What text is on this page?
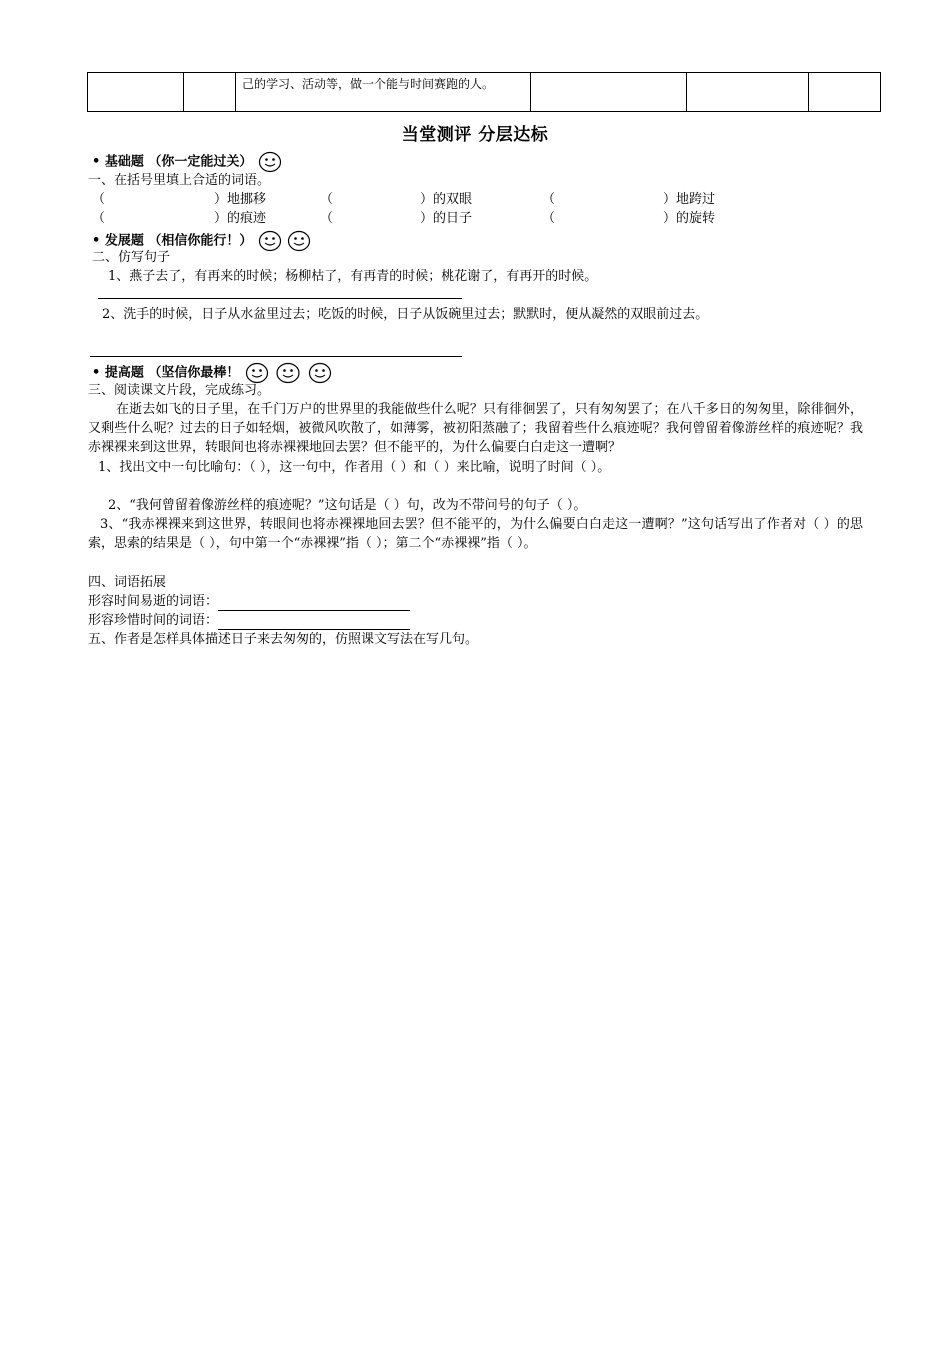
		己的学习、活动等，做一个能与时间赛跑的人。			
当堂测评 分层达标
• 基础题 （你一定能过关）
一、在括号里填上合适的词语。
（	）地挪移	（	）的双眼	（	）地跨过
（	）的痕迹	（	）的日子	（	）的旋转
• 发展题 （相信你能行！）
二、仿写句子
1、燕子去了，有再来的时候；杨柳枯了，有再青的时候；桃花谢了，有再开的时候。
2、洗手的时候，日子从水盆里过去；吃饭的时候，日子从饭碗里过去；默默时，便从凝然的双眼前过去。
• 提高题 （坚信你最棒！
三、阅读课文片段，完成练习。
在逝去如飞的日子里，在千门万户的世界里的我能做些什么呢？只有徘徊罢了，只有匆匆罢了；在八千多日的匆匆里，除徘徊外，又剩些什么呢？过去的日子如轻烟，被微风吹散了，如薄雾，被初阳蒸融了；我留着些什么痕迹呢？我何曾留着像游丝样的痕迹呢？我赤裸裸来到这世界，转眼间也将赤裸裸地回去罢？但不能平的，为什么偏要白白走这一遭啊？
1、找出文中一句比喻句：（ ），这一句中，作者用（ ）和（ ）来比喻，说明了时间（ ）。
2、“我何曾留着像游丝样的痕迹呢？”这句话是（ ）句，改为不带问号的句子（ ）。
3、“我赤裸裸来到这世界，转眼间也将赤裸裸地回去罢？但不能平的，为什么偏要白白走这一遭啊？”这句话写出了作者对（ ）的思索，思索的结果是（ ），句中第一个“赤裸裸”指（ ）；第二个“赤裸裸”指（ ）。
四、词语拓展
形容时间易逝的词语：
形容珍惜时间的词语：
五、作者是怎样具体描述日子来去匆匆的，仿照课文写法在写几句。
